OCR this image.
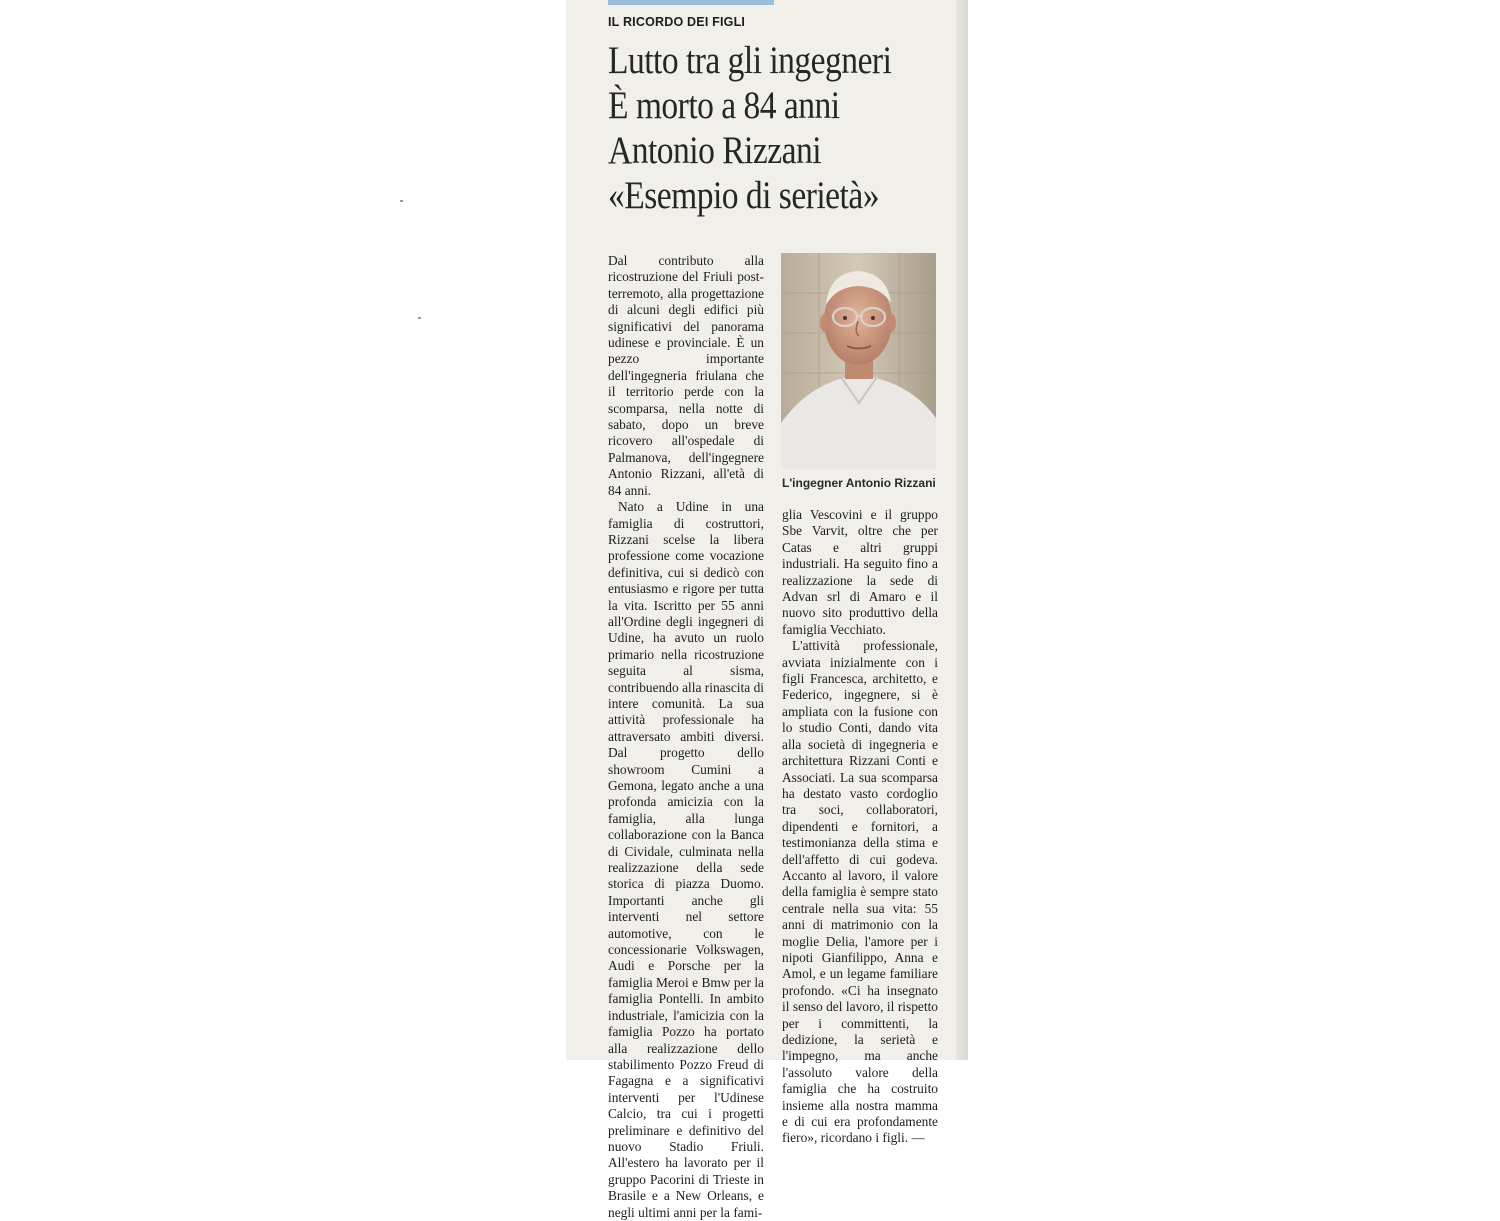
IL RICORDO DEI FIGLI
Lutto tra gli ingegneri
È morto a 84 anni
Antonio Rizzani
«Esempio di serietà»

Dal contributo alla ricostruzione del Friuli post-terremoto, alla progettazione di alcuni degli edifici più significativi del panorama udinese e provinciale. È un pezzo importante dell'ingegneria friulana che il territorio perde con la scomparsa, nella notte di sabato, dopo un breve ricovero all'ospedale di Palmanova, dell'ingegnere Antonio Rizzani, all'età di 84 anni.

Nato a Udine in una famiglia di costruttori, Rizzani scelse la libera professione come vocazione definitiva, cui si dedicò con entusiasmo e rigore per tutta la vita. Iscritto per 55 anni all'Ordine degli ingegneri di Udine, ha avuto un ruolo primario nella ricostruzione seguita al sisma, contribuendo alla rinascita di intere comunità. La sua attività professionale ha attraversato ambiti diversi. Dal progetto dello showroom Cumini a Gemona, legato anche a una profonda amicizia con la famiglia, alla lunga collaborazione con la Banca di Cividale, culminata nella realizzazione della sede storica di piazza Duomo. Importanti anche gli interventi nel settore automotive, con le concessionarie Volkswagen, Audi e Porsche per la famiglia Meroi e Bmw per la famiglia Pontelli. In ambito industriale, l'amicizia con la famiglia Pozzo ha portato alla realizzazione dello stabilimento Pozzo Freud di Fagagna e a significativi interventi per l'Udinese Calcio, tra cui i progetti preliminare e definitivo del nuovo Stadio Friuli. All'estero ha lavorato per il gruppo Pacorini di Trieste in Brasile e a New Orleans, e negli ultimi anni per la fami-

L'ingegner Antonio Rizzani

glia Vescovini e il gruppo Sbe Varvit, oltre che per Catas e altri gruppi industriali. Ha seguito fino a realizzazione la sede di Advan srl di Amaro e il nuovo sito produttivo della famiglia Vecchiato.

L'attività professionale, avviata inizialmente con i figli Francesca, architetto, e Federico, ingegnere, si è ampliata con la fusione con lo studio Conti, dando vita alla società di ingegneria e architettura Rizzani Conti e Associati. La sua scomparsa ha destato vasto cordoglio tra soci, collaboratori, dipendenti e fornitori, a testimonianza della stima e dell'affetto di cui godeva. Accanto al lavoro, il valore della famiglia è sempre stato centrale nella sua vita: 55 anni di matrimonio con la moglie Delia, l'amore per i nipoti Gianfilippo, Anna e Amol, e un legame familiare profondo. «Ci ha insegnato il senso del lavoro, il rispetto per i committenti, la dedizione, la serietà e l'impegno, ma anche l'assoluto valore della famiglia che ha costruito insieme alla nostra mamma e di cui era profondamente fiero», ricordano i figli. —
